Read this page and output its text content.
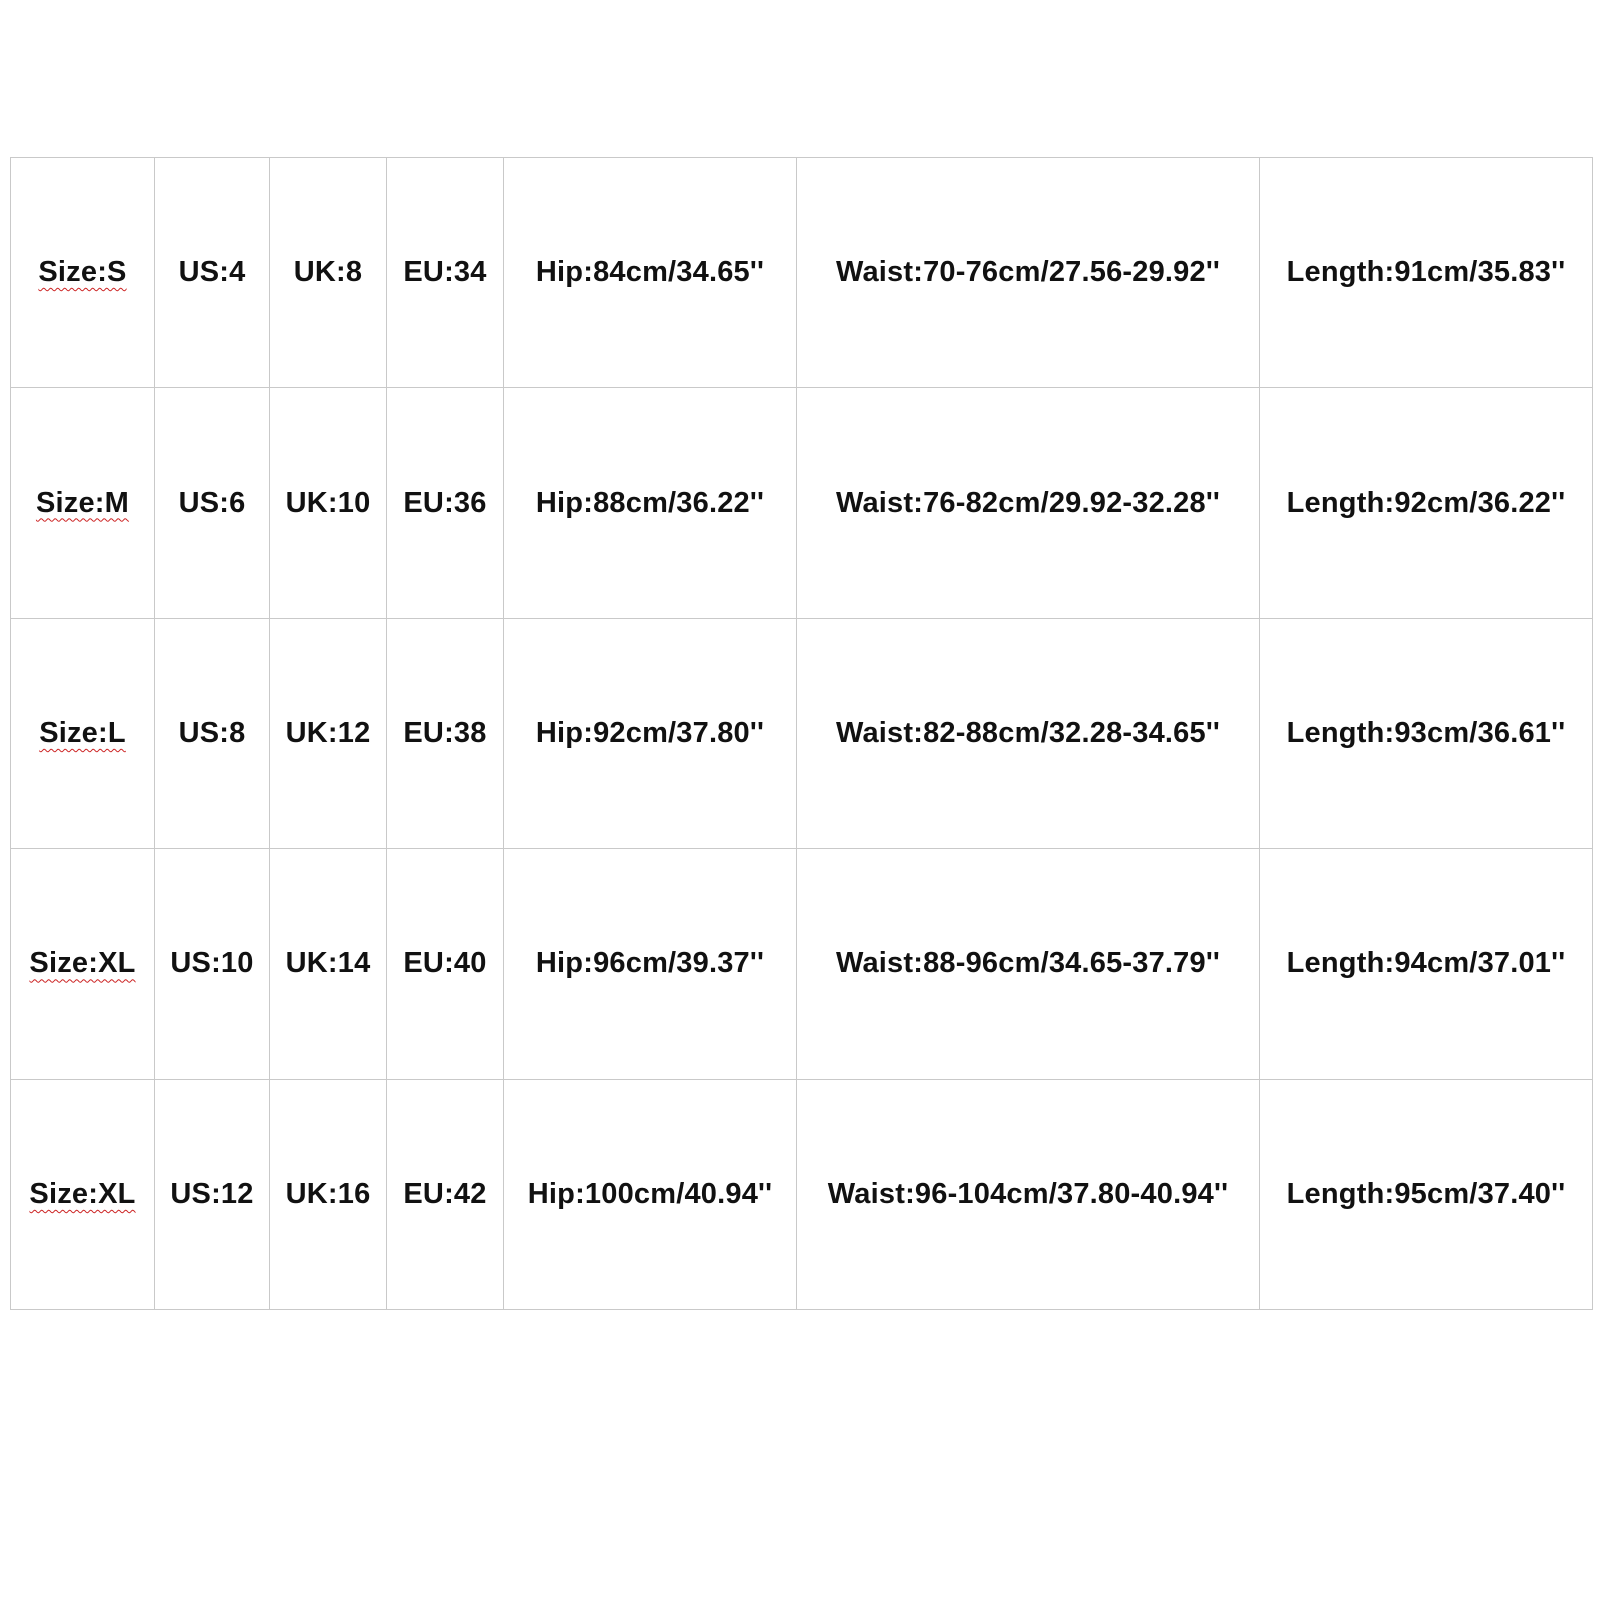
Size:S	US:4	UK:8	EU:34	Hip:84cm/34.65''	Waist:70-76cm/27.56-29.92''	Length:91cm/35.83''
Size:M	US:6	UK:10	EU:36	Hip:88cm/36.22''	Waist:76-82cm/29.92-32.28''	Length:92cm/36.22''
Size:L	US:8	UK:12	EU:38	Hip:92cm/37.80''	Waist:82-88cm/32.28-34.65''	Length:93cm/36.61''
Size:XL	US:10	UK:14	EU:40	Hip:96cm/39.37''	Waist:88-96cm/34.65-37.79''	Length:94cm/37.01''
Size:XL	US:12	UK:16	EU:42	Hip:100cm/40.94''	Waist:96-104cm/37.80-40.94''	Length:95cm/37.40''
